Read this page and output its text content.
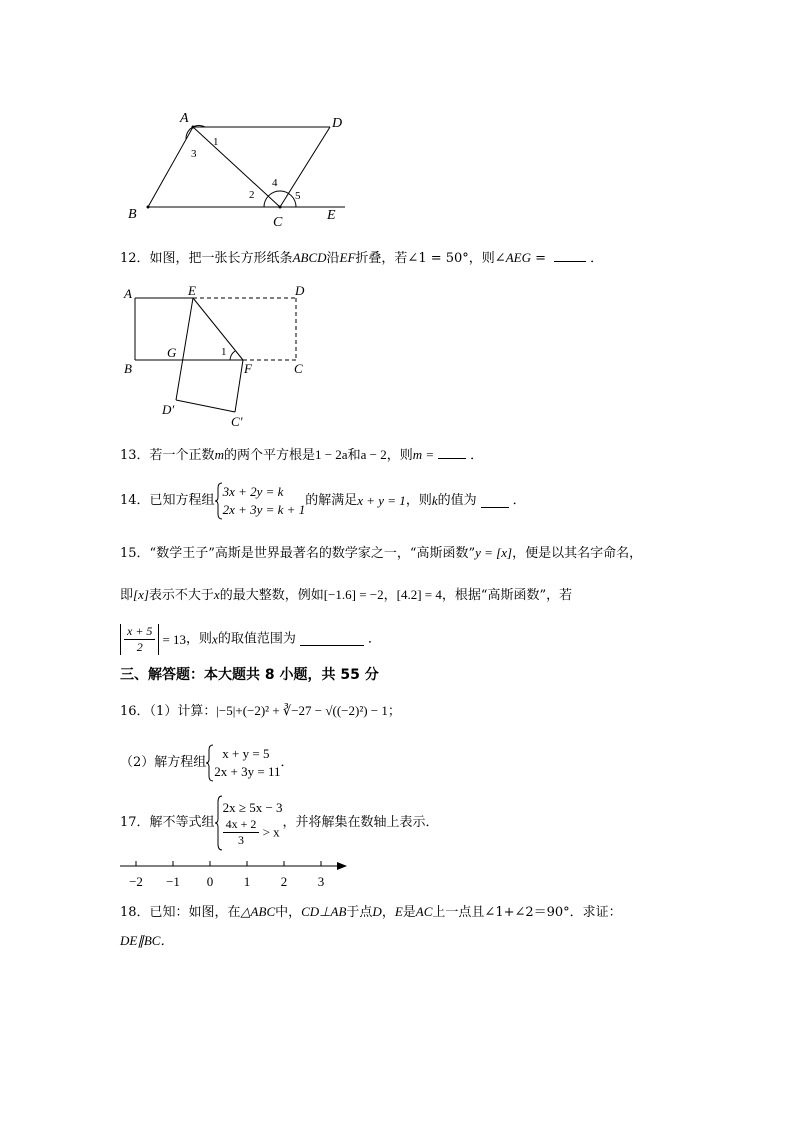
A	D
B
C	E
1
3
2
4
5
12．如图，把一张长方形纸条ABCD沿EF折叠，若∠1 = 50°，则∠AEG =	．
A	E	D
B
G
F	C
D′
C′
1
13．若一个正数m的两个平方根是1 − 2a和a − 2，则m =	．
14．已知方程组
3x + 2y = k
2x + 3y = k + 1
的解满足x + y = 1，则k的值为	．
15．“数学王子”高斯是世界最著名的数学家之一，“高斯函数”y = [x]，便是以其名字命名，
即[x]表示不大于x的最大整数，例如[−1.6] = −2，[4.2] = 4，根据“高斯函数”，若
$\frac{x + 5}{2} = 13$，则x的取值范围为	．
三、解答题：本大题共 8 小题，共 55 分
16．（1）计算：|−5|+(−2)² + ∛−27 − √((−2)²) − 1；
（2）解方程组
x + y = 5
2x + 3y = 11
．
17．解不等式组
2x ≥ 5x − 3
$\frac{4x + 2}{3} > x$
，并将解集在数轴上表示．
−2 −1 0 1 2 3
18．已知：如图，在△ABC中，CD⊥AB于点D，E是AC上一点且∠1+∠2＝90°．求证：
DE∥BC．
